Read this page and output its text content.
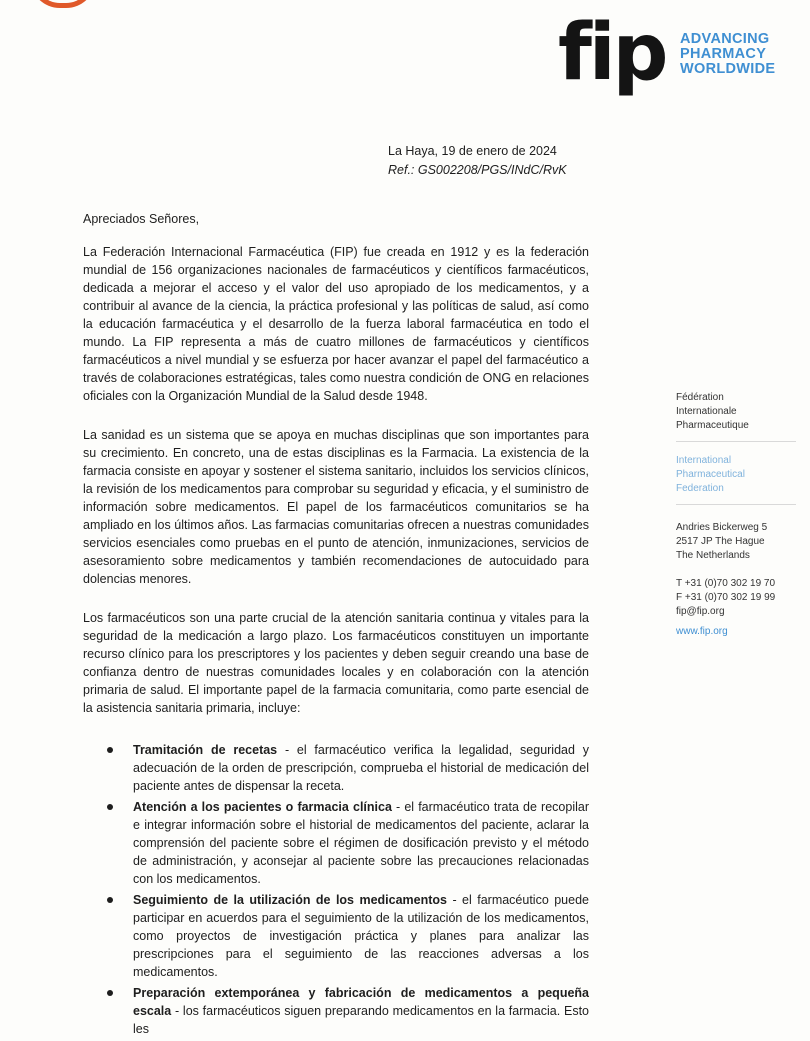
fip ADVANCING
PHARMACY
WORLDWIDE
La Haya, 19 de enero de 2024
Ref.: GS002208/PGS/INdC/RvK
Apreciados Señores,

La Federación Internacional Farmacéutica (FIP) fue creada en 1912 y es la federación mundial de 156 organizaciones nacionales de farmacéuticos y científicos farmacéuticos, dedicada a mejorar el acceso y el valor del uso apropiado de los medicamentos, y a contribuir al avance de la ciencia, la práctica profesional y las políticas de salud, así como la educación farmacéutica y el desarrollo de la fuerza laboral farmacéutica en todo el mundo. La FIP representa a más de cuatro millones de farmacéuticos y científicos farmacéuticos a nivel mundial y se esfuerza por hacer avanzar el papel del farmacéutico a través de colaboraciones estratégicas, tales como nuestra condición de ONG en relaciones oficiales con la Organización Mundial de la Salud desde 1948.

La sanidad es un sistema que se apoya en muchas disciplinas que son importantes para su crecimiento. En concreto, una de estas disciplinas es la Farmacia. La existencia de la farmacia consiste en apoyar y sostener el sistema sanitario, incluidos los servicios clínicos, la revisión de los medicamentos para comprobar su seguridad y eficacia, y el suministro de información sobre medicamentos. El papel de los farmacéuticos comunitarios se ha ampliado en los últimos años. Las farmacias comunitarias ofrecen a nuestras comunidades servicios esenciales como pruebas en el punto de atención, inmunizaciones, servicios de asesoramiento sobre medicamentos y también recomendaciones de autocuidado para dolencias menores.

Los farmacéuticos son una parte crucial de la atención sanitaria continua y vitales para la seguridad de la medicación a largo plazo. Los farmacéuticos constituyen un importante recurso clínico para los prescriptores y los pacientes y deben seguir creando una base de confianza dentro de nuestras comunidades locales y en colaboración con la atención primaria de salud. El importante papel de la farmacia comunitaria, como parte esencial de la asistencia sanitaria primaria, incluye:

Tramitación de recetas - el farmacéutico verifica la legalidad, seguridad y adecuación de la orden de prescripción, comprueba el historial de medicación del paciente antes de dispensar la receta.
Atención a los pacientes o farmacia clínica - el farmacéutico trata de recopilar e integrar información sobre el historial de medicamentos del paciente, aclarar la comprensión del paciente sobre el régimen de dosificación previsto y el método de administración, y aconsejar al paciente sobre las precauciones relacionadas con los medicamentos.
Seguimiento de la utilización de los medicamentos - el farmacéutico puede participar en acuerdos para el seguimiento de la utilización de los medicamentos, como proyectos de investigación práctica y planes para analizar las prescripciones para el seguimiento de las reacciones adversas a los medicamentos.
Preparación extemporánea y fabricación de medicamentos a pequeña escala - los farmacéuticos siguen preparando medicamentos en la farmacia. Esto les
Fédération
Internationale
Pharmaceutique
International
Pharmaceutical
Federation
Andries Bickerweg 5
2517 JP The Hague
The Netherlands
T +31 (0)70 302 19 70
F +31 (0)70 302 19 99
fip@fip.org
www.fip.org
